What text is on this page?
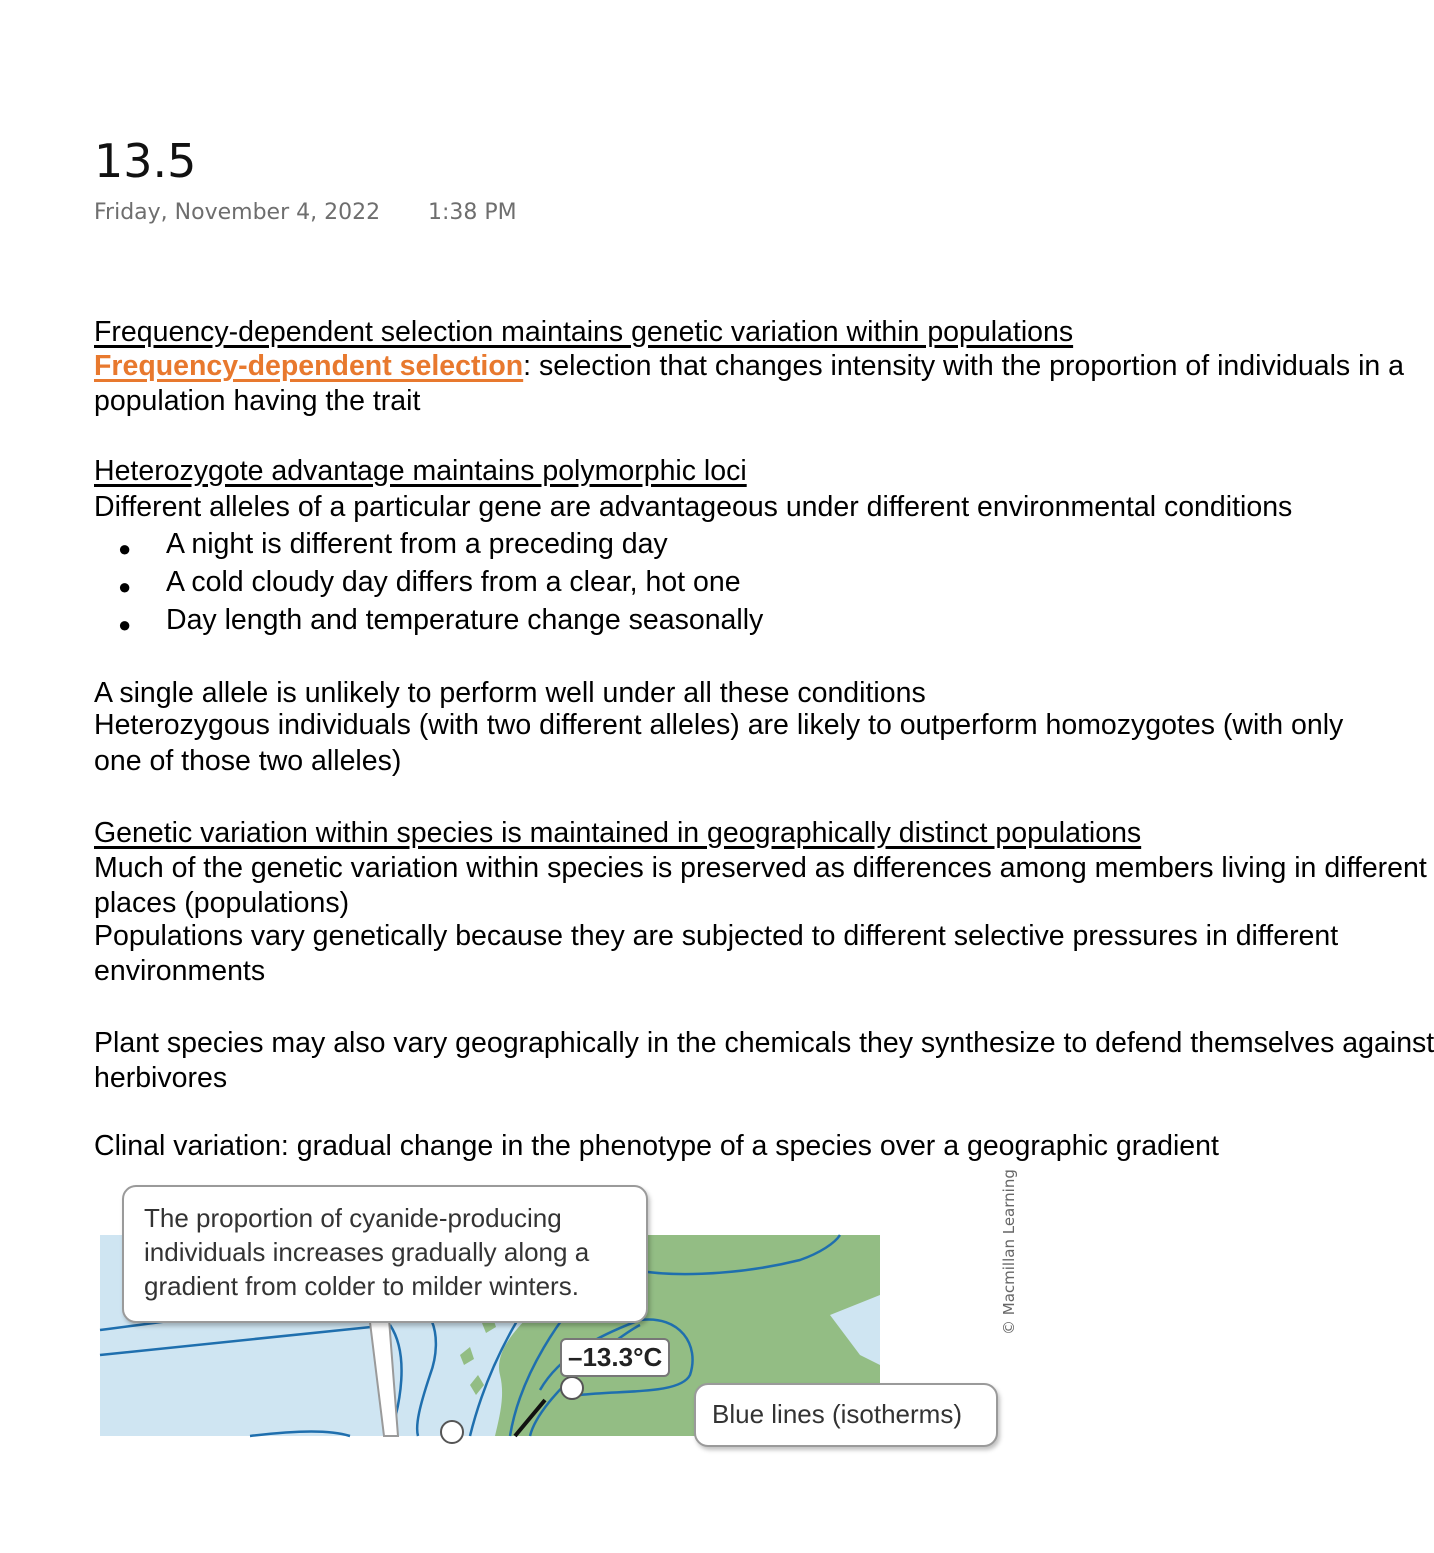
13.5
Friday, November 4, 2022 1:38 PM
Frequency-dependent selection maintains genetic variation within populations
Frequency-dependent selection: selection that changes intensity with the proportion of individuals in a
population having the trait
Heterozygote advantage maintains polymorphic loci
Different alleles of a particular gene are advantageous under different environmental conditions
● A night is different from a preceding day
● A cold cloudy day differs from a clear, hot one
● Day length and temperature change seasonally
A single allele is unlikely to perform well under all these conditions
Heterozygous individuals (with two different alleles) are likely to outperform homozygotes (with only
one of those two alleles)
Genetic variation within species is maintained in geographically distinct populations
Much of the genetic variation within species is preserved as differences among members living in different
places (populations)
Populations vary genetically because they are subjected to different selective pressures in different
environments
Plant species may also vary geographically in the chemicals they synthesize to defend themselves against
herbivores
Clinal variation: gradual change in the phenotype of a species over a geographic gradient
The proportion of cyanide-producing individuals increases gradually along a gradient from colder to milder winters.
–13.3°C
Blue lines (isotherms)
© Macmillan Learning
